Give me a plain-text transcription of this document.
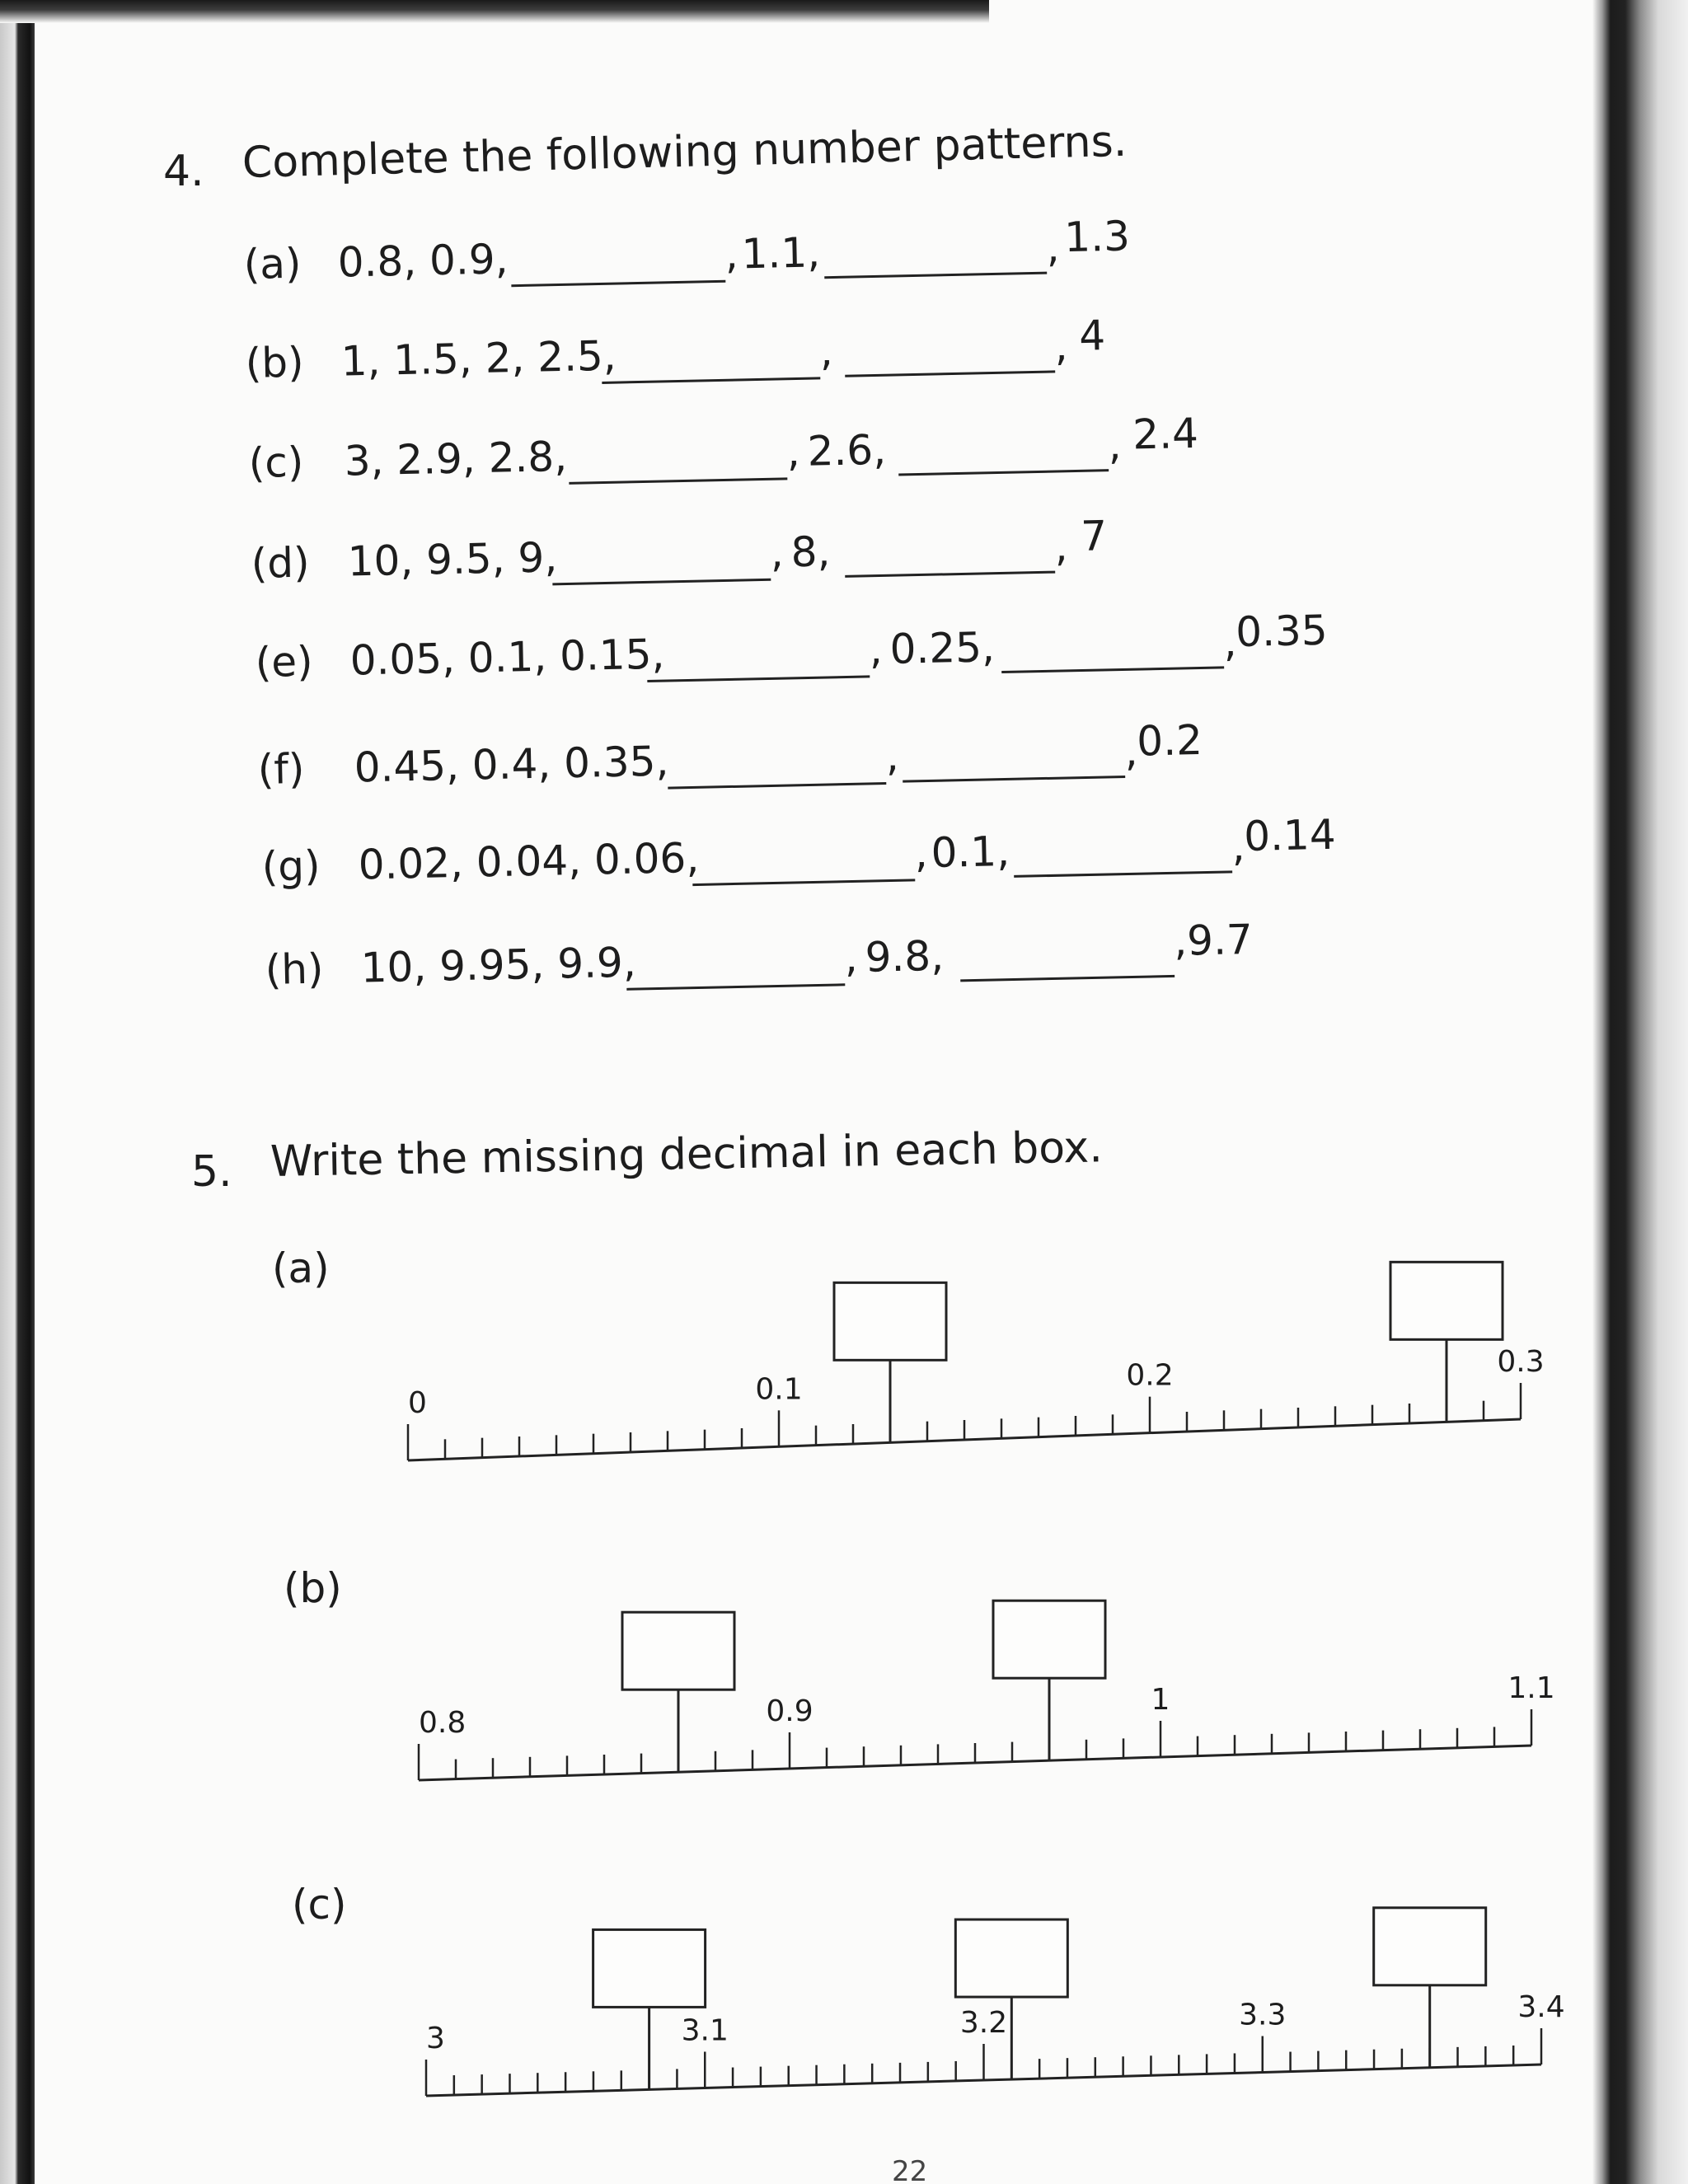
4. Complete the following number patterns.
(a) 0.8, 0.9,	, 1.1,	, 1.3
(b) 1, 1.5, 2, 2.5,	,	, 4
(c) 3, 2.9, 2.8,	, 2.6,	, 2.4
(d) 10, 9.5, 9,	, 8,	, 7
(e) 0.05, 0.1, 0.15,	, 0.25,	,
0.35
(f) 0.45, 0.4, 0.35,	,	,
0.2
(g) 0.02, 0.04, 0.06,	, 0.1,	,
0.14
(h) 10, 9.95, 9.9,	, 9.8,	,9.7
5. Write the missing decimal in each box.
(a)
(b)
(c)
0	0.1	0.2	0.3
0.8	0.9	1	1.1
3	3.1	3.2	3.3	3.4
22
